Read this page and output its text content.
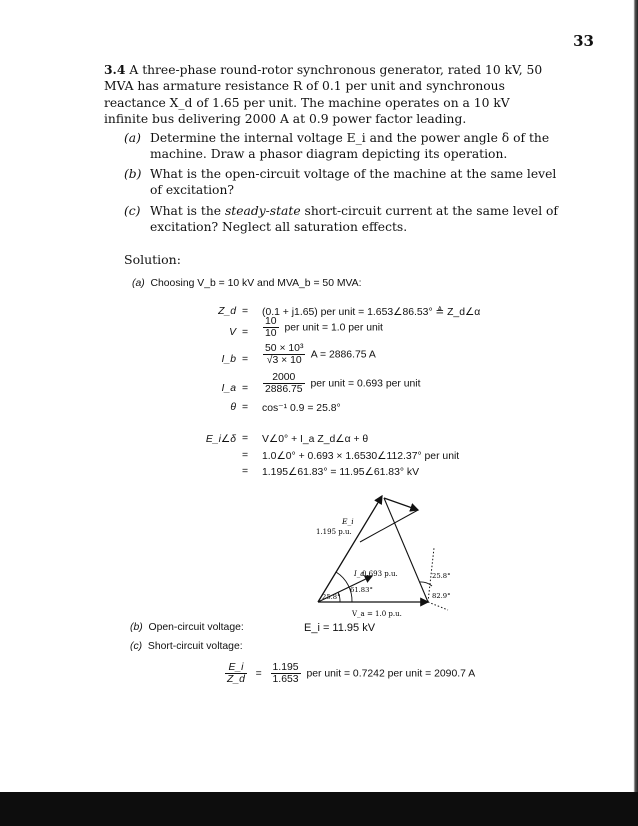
33
3.4 A three-phase round-rotor synchronous generator, rated 10 kV, 50 MVA has armature resistance R of 0.1 per unit and synchronous reactance X_d of 1.65 per unit. The machine operates on a 10 kV infinite bus delivering 2000 A at 0.9 power factor leading.
(a) Determine the internal voltage E_i and the power angle δ of the machine. Draw a phasor diagram depicting its operation.
(b) What is the open-circuit voltage of the machine at the same level of excitation?
(c) What is the steady-state short-circuit current at the same level of excitation? Neglect all saturation effects.
Solution:
(a) Choosing V_b = 10 kV and MVA_b = 50 MVA:
Z_d = (0.1 + j1.65) per unit = 1.653∠86.53° ≜ Z_d∠α
$V = \frac{10}{10}$ per unit = 1.0 per unit
I_b = $\frac{\text{50 × 10³}}{√3 \times 10}$ A = 2886.75 A
I_a = $\frac{2000}{2886.75}$ per unit = 0.693 per unit
θ = cos⁻¹ 0.9 = 25.8°
E_i∠δ = V∠0° + I_a Z_d∠α + θ
= 1.0∠0° + 0.693 × 1.6530∠112.37° per unit
= 1.195∠61.83° = 11.95∠61.83° kV
E_i
1.195 p.u.
I_a
0.693 p.u.
61.83°
25.8°
25.8°
82.9°
V_a = 1.0 p.u.
(b) Open-circuit voltage:	E_i = 11.95 kV
(c) Short-circuit voltage:
$\frac{E\_i}{Z\_d} = \frac{1.195}{1.653}$ per unit = 0.7242 per unit = 2090.7 A
